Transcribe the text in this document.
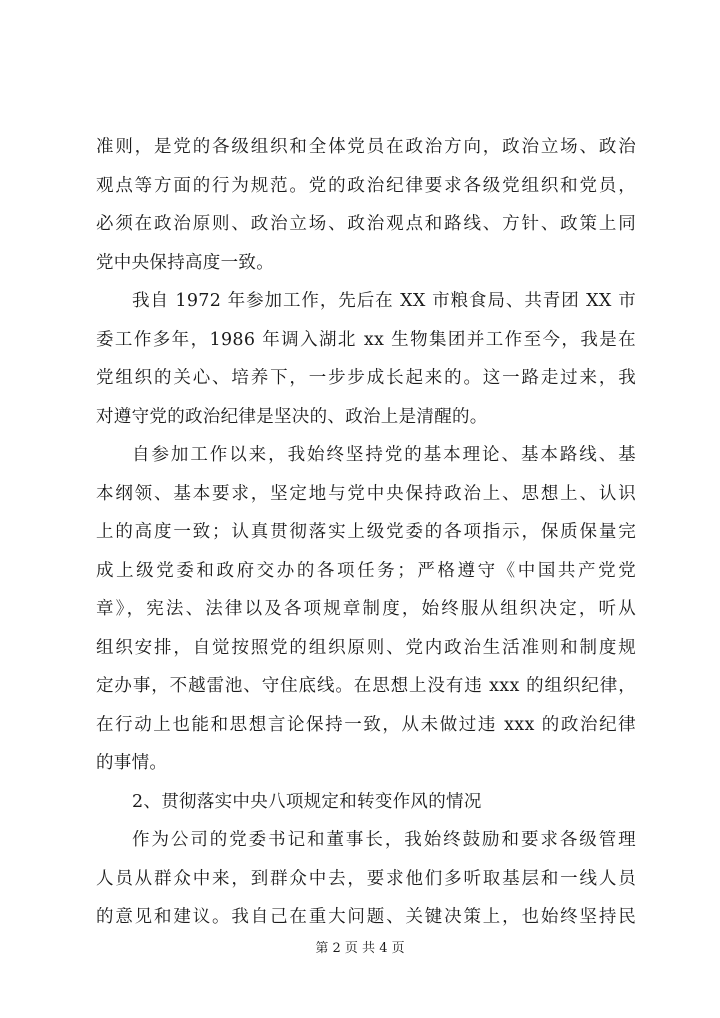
准则，是党的各级组织和全体党员在政治方向，政治立场、政治
观点等方面的行为规范。党的政治纪律要求各级党组织和党员，
必须在政治原则、政治立场、政治观点和路线、方针、政策上同
党中央保持高度一致。
我自 1972 年参加工作，先后在 XX 市粮食局、共青团 XX 市
委工作多年，1986 年调入湖北 xx 生物集团并工作至今，我是在
党组织的关心、培养下，一步步成长起来的。这一路走过来，我
对遵守党的政治纪律是坚决的、政治上是清醒的。
自参加工作以来，我始终坚持党的基本理论、基本路线、基
本纲领、基本要求，坚定地与党中央保持政治上、思想上、认识
上的高度一致；认真贯彻落实上级党委的各项指示，保质保量完
成上级党委和政府交办的各项任务；严格遵守《中国共产党党
章》，宪法、法律以及各项规章制度，始终服从组织决定，听从
组织安排，自觉按照党的组织原则、党内政治生活准则和制度规
定办事，不越雷池、守住底线。在思想上没有违 xxx 的组织纪律，
在行动上也能和思想言论保持一致，从未做过违 xxx 的政治纪律
的事情。
2、贯彻落实中央八项规定和转变作风的情况
作为公司的党委书记和董事长，我始终鼓励和要求各级管理
人员从群众中来，到群众中去，要求他们多听取基层和一线人员
的意见和建议。我自己在重大问题、关键决策上，也始终坚持民
第 2 页 共 4 页
